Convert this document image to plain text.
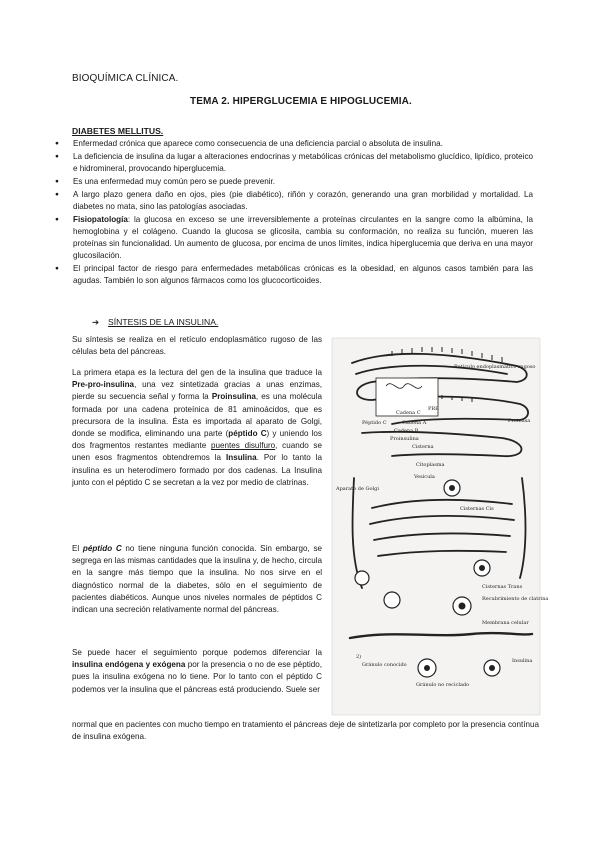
BIOQUÍMICA CLÍNICA.
TEMA 2. HIPERGLUCEMIA E HIPOGLUCEMIA.
DIABETES MELLITUS.
● Enfermedad crónica que aparece como consecuencia de una deficiencia parcial o absoluta de insulina.
● La deficiencia de insulina da lugar a alteraciones endocrinas y metabólicas crónicas del metabolismo glucídico, lipídico, proteico e hidromineral, provocando hiperglucemia.
● Es una enfermedad muy común pero se puede prevenir.
● A largo plazo genera daño en ojos, pies (pie diabético), riñón y corazón, generando una gran morbilidad y mortalidad. La diabetes no mata, sino las patologías asociadas.
● Fisiopatología: la glucosa en exceso se une irreversiblemente a proteínas circulantes en la sangre como la albúmina, la hemoglobina y el colágeno. Cuando la glucosa se glicosila, cambia su conformación, no realiza su función, mueren las proteínas sin funcionalidad. Un aumento de glucosa, por encima de unos límites, indica hiperglucemia que deriva en una mayor glucosilación.
● El principal factor de riesgo para enfermedades metabólicas crónicas es la obesidad, en algunos casos también para las agudas. También lo son algunos fármacos como los glucocorticoides.
➔ SÍNTESIS DE LA INSULINA.

Su síntesis se realiza en el retículo endoplasmático rugoso de las células beta del páncreas.

La primera etapa es la lectura del gen de la insulina que traduce la Pre-pro-insulina, una vez sintetizada gracias a unas enzimas, pierde su secuencia señal y forma la Proinsulina, es una molécula formada por una cadena proteínica de 81 aminoácidos, que es precursora de la insulina. Ésta es importada al aparato de Golgi, donde se modifica, eliminando una parte (péptido C) y uniendo los dos fragmentos restantes mediante puentes disulfuro, cuando se unen esos fragmentos obtendremos la Insulina. Por lo tanto la insulina es un heterodímero formado por dos cadenas. La Insulina junto con el péptido C se secretan a la vez por medio de clatrinas.

El péptido C no tiene ninguna función conocida. Sin embargo, se segrega en las mismas cantidades que la insulina y, de hecho, circula en la sangre más tiempo que la insulina. No nos sirve en el diagnóstico normal de la diabetes, sólo en el seguimiento de pacientes diabéticos. Aunque unos niveles normales de péptidos C indican una secreción relativamente normal del páncreas.

Se puede hacer el seguimiento porque podemos diferenciar la insulina endógena y exógena por la presencia o no de ese péptido, pues la insulina exógena no lo tiene. Por lo tanto con el péptido C podemos ver la insulina que el páncreas está produciendo. Suele ser

normal que en pacientes con mucho tiempo en tratamiento el páncreas deje de sintetizarla por completo por la presencia contínua de insulina exógena.
Retículo endoplasmático rugoso
Cadena C
PRE
Péptido C	Cadena A
Cadena B
Proinsulina
Cisterna
Proteasa
Vesícula
Cisternas Cis
Aparato de Golgi
Citoplasma
Cisternas Trans
Recubrimiento de clatrina
Membrana celular
Insulina
Gránulo conocido
Gránulo no reciclado
2)
